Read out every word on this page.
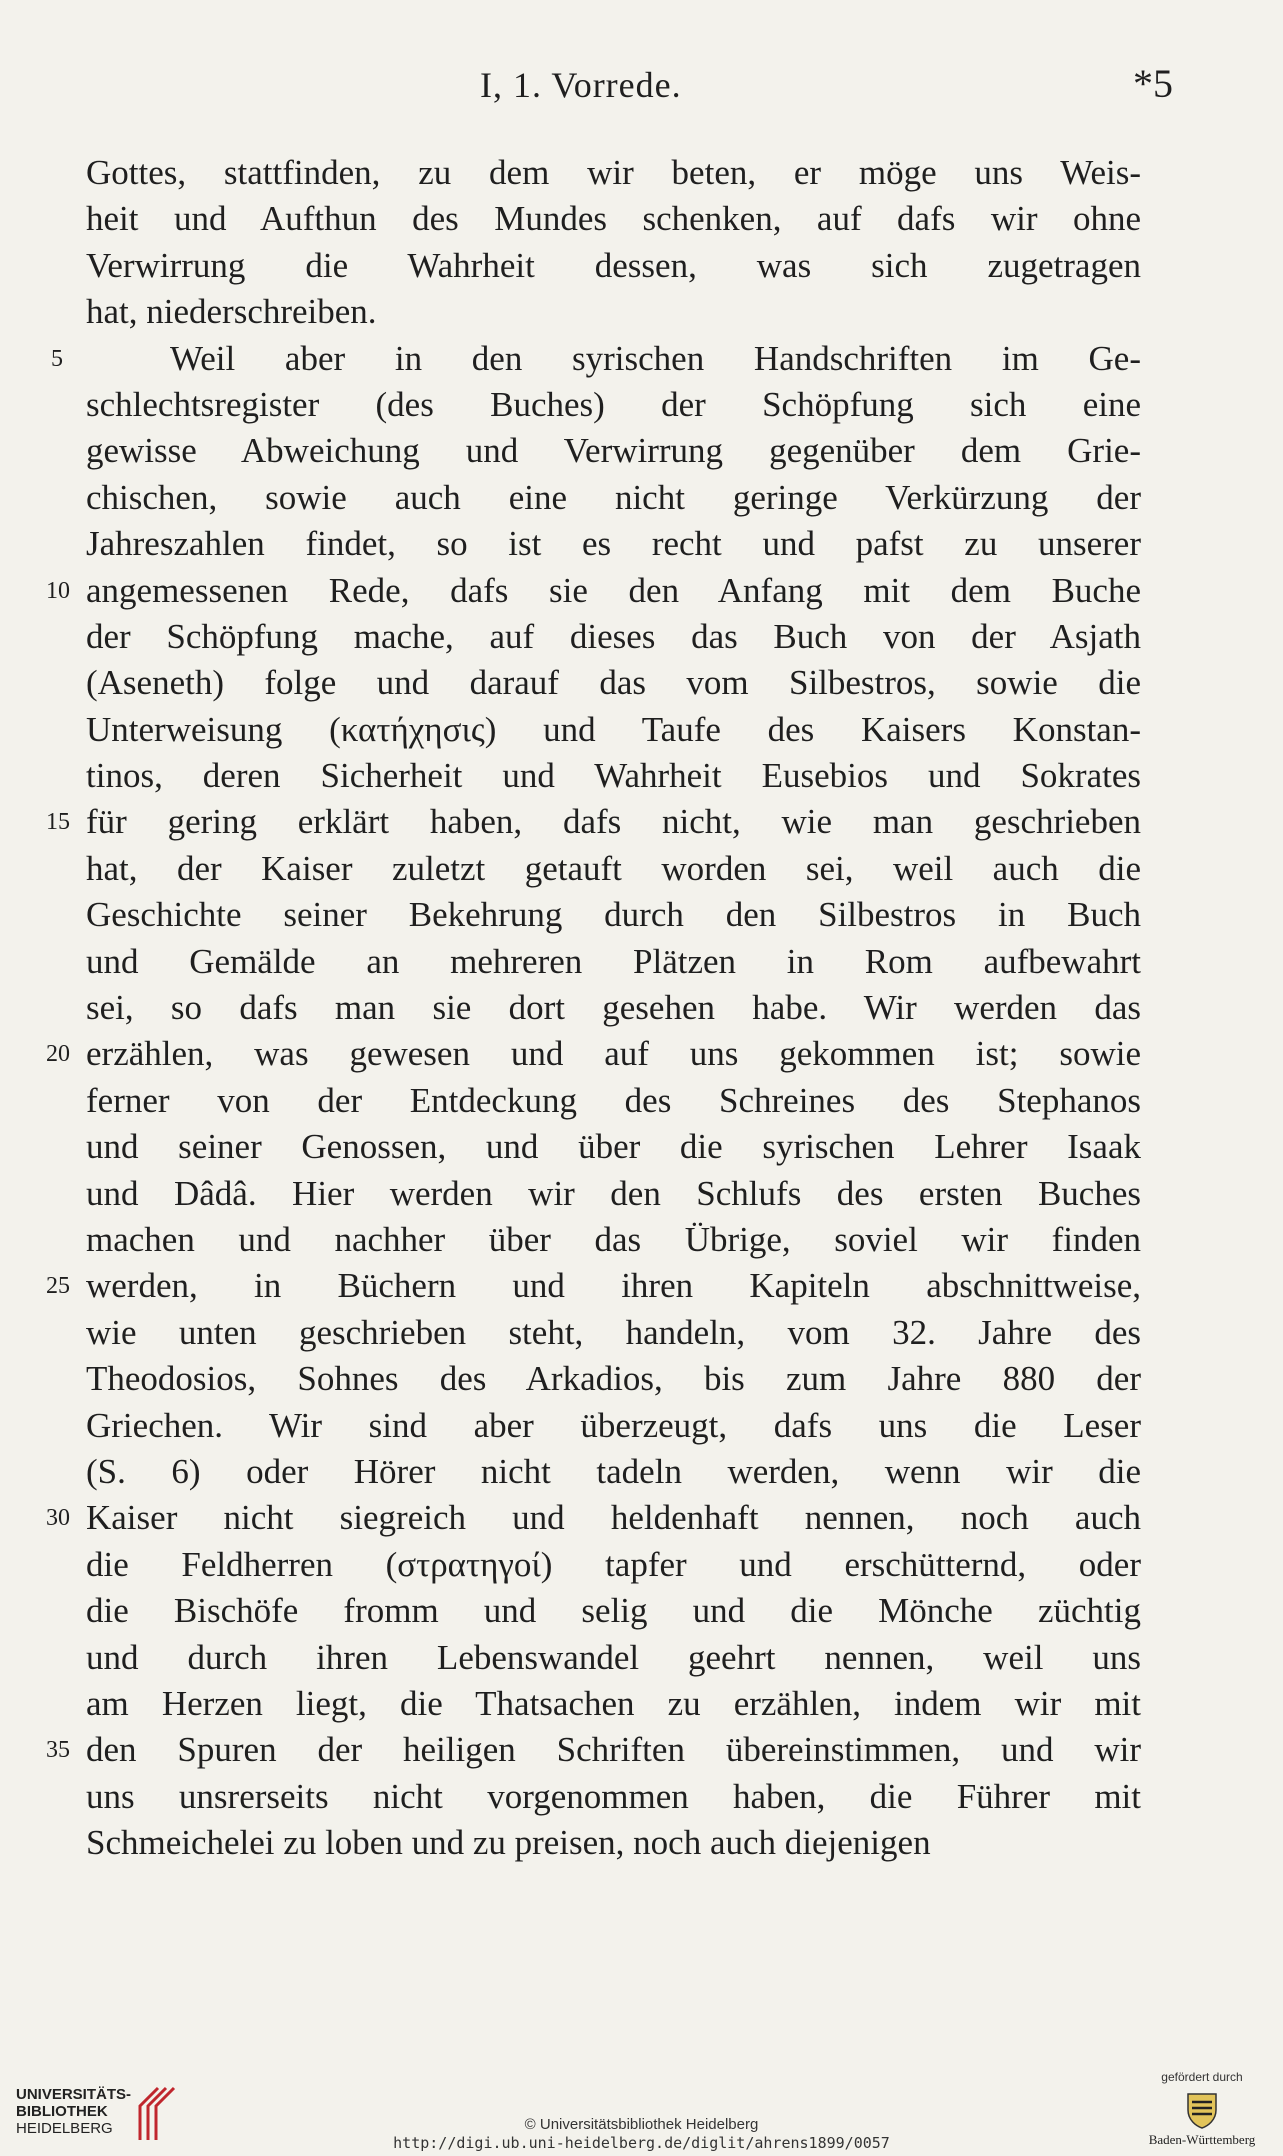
I, 1. Vorrede.	*5
Gottes, stattfinden, zu dem wir beten, er möge uns Weis-
heit und Aufthun des Mundes schenken, auf dafs wir ohne
Verwirrung die Wahrheit dessen, was sich zugetragen
hat, niederschreiben.
5	Weil aber in den syrischen Handschriften im Ge-
schlechtsregister (des Buches) der Schöpfung sich eine
gewisse Abweichung und Verwirrung gegenüber dem Grie-
chischen, sowie auch eine nicht geringe Verkürzung der
Jahreszahlen findet, so ist es recht und pafst zu unserer
10 angemessenen Rede, dafs sie den Anfang mit dem Buche
der Schöpfung mache, auf dieses das Buch von der Asjath
(Aseneth) folge und darauf das vom Silbestros, sowie die
Unterweisung (κατήχησις) und Taufe des Kaisers Konstan-
tinos, deren Sicherheit und Wahrheit Eusebios und Sokrates
15 für gering erklärt haben, dafs nicht, wie man geschrieben
hat, der Kaiser zuletzt getauft worden sei, weil auch die
Geschichte seiner Bekehrung durch den Silbestros in Buch
und Gemälde an mehreren Plätzen in Rom aufbewahrt
sei, so dafs man sie dort gesehen habe. Wir werden das
20 erzählen, was gewesen und auf uns gekommen ist; sowie
ferner von der Entdeckung des Schreines des Stephanos
und seiner Genossen, und über die syrischen Lehrer Isaak
und Dâdâ. Hier werden wir den Schlufs des ersten Buches
machen und nachher über das Übrige, soviel wir finden
25 werden, in Büchern und ihren Kapiteln abschnittweise,
wie unten geschrieben steht, handeln, vom 32. Jahre des
Theodosios, Sohnes des Arkadios, bis zum Jahre 880 der
Griechen. Wir sind aber überzeugt, dafs uns die Leser
(S. 6) oder Hörer nicht tadeln werden, wenn wir die
30 Kaiser nicht siegreich und heldenhaft nennen, noch auch
die Feldherren (στρατηγοί) tapfer und erschütternd, oder
die Bischöfe fromm und selig und die Mönche züchtig
und durch ihren Lebenswandel geehrt nennen, weil uns
am Herzen liegt, die Thatsachen zu erzählen, indem wir mit
35 den Spuren der heiligen Schriften übereinstimmen, und wir
uns unsrerseits nicht vorgenommen haben, die Führer mit
Schmeichelei zu loben und zu preisen, noch auch diejenigen
UNIVERSITÄTS-
BIBLIOTHEK
HEIDELBERG	© Universitätsbibliothek Heidelberg
http://digi.ub.uni-heidelberg.de/diglit/ahrens1899/0057
gefördert durch
Baden-Württemberg
